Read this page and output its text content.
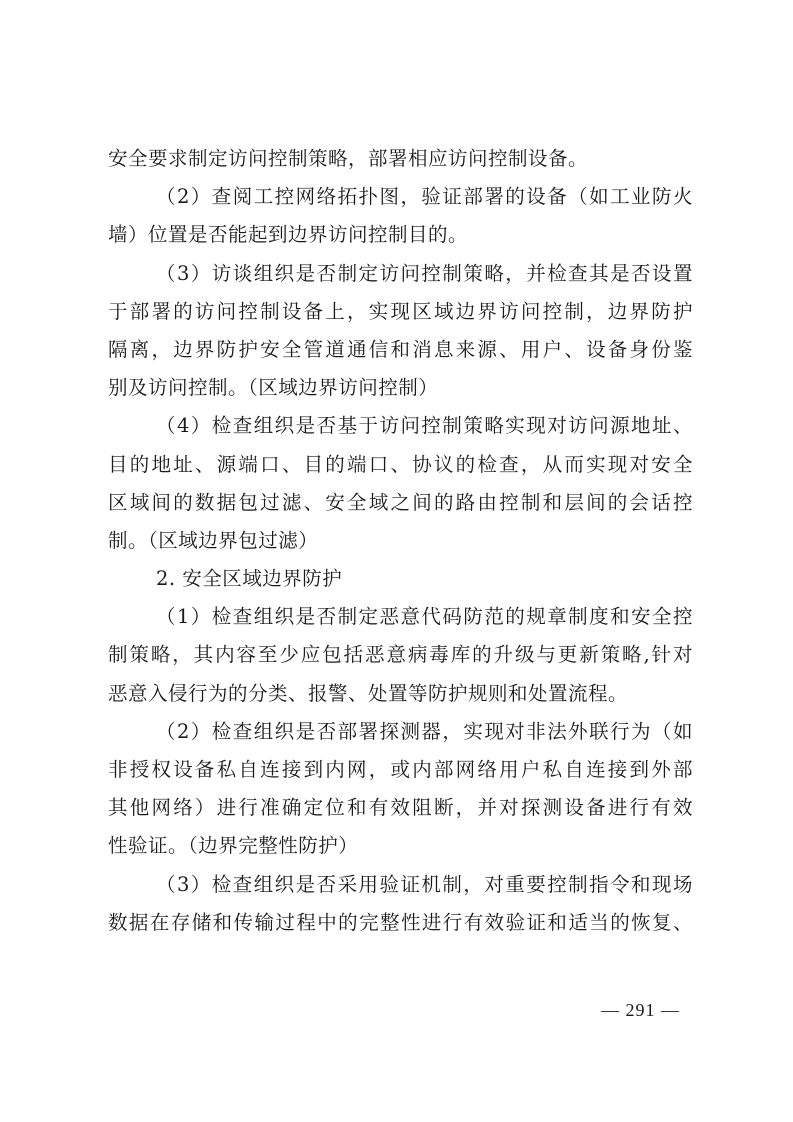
安全要求制定访问控制策略，部署相应访问控制设备。
（2）查阅工控网络拓扑图，验证部署的设备（如工业防火
墙）位置是否能起到边界访问控制目的。
（3）访谈组织是否制定访问控制策略，并检查其是否设置
于部署的访问控制设备上，实现区域边界访问控制，边界防护
隔离，边界防护安全管道通信和消息来源、用户、设备身份鉴
别及访问控制。（区域边界访问控制）
（4）检查组织是否基于访问控制策略实现对访问源地址、
目的地址、源端口、目的端口、协议的检查，从而实现对安全
区域间的数据包过滤、安全域之间的路由控制和层间的会话控
制。（区域边界包过滤）
2. 安全区域边界防护
（1）检查组织是否制定恶意代码防范的规章制度和安全控
制策略，其内容至少应包括恶意病毒库的升级与更新策略,针对
恶意入侵行为的分类、报警、处置等防护规则和处置流程。
（2）检查组织是否部署探测器，实现对非法外联行为（如
非授权设备私自连接到内网，或内部网络用户私自连接到外部
其他网络）进行准确定位和有效阻断，并对探测设备进行有效
性验证。（边界完整性防护）
（3）检查组织是否采用验证机制，对重要控制指令和现场
数据在存储和传输过程中的完整性进行有效验证和适当的恢复、
— 291 —
